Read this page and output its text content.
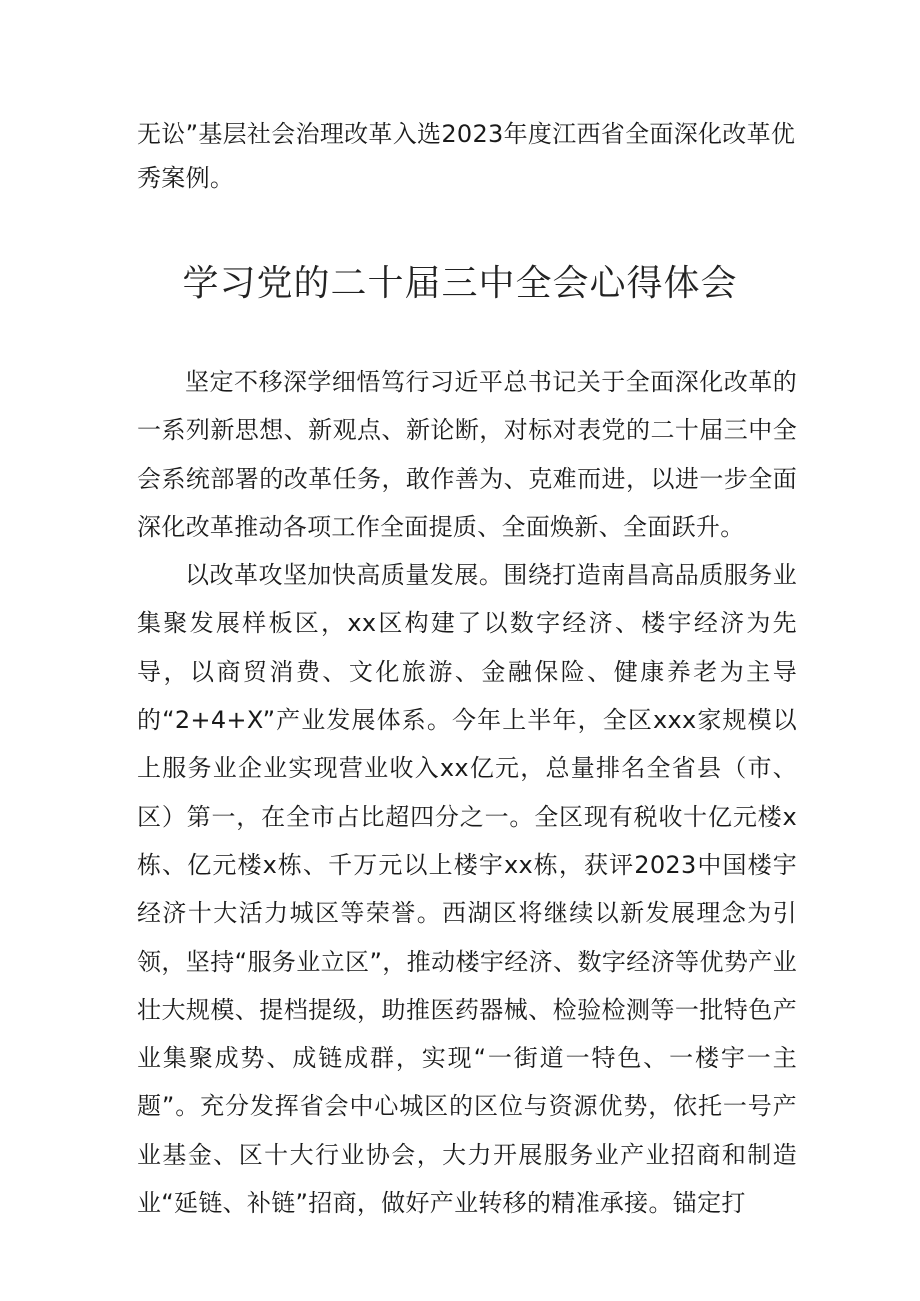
无讼”基层社会治理改革入选2023年度江西省全面深化改革优秀案例。
学习党的二十届三中全会心得体会

坚定不移深学细悟笃行习近平总书记关于全面深化改革的一系列新思想、新观点、新论断，对标对表党的二十届三中全会系统部署的改革任务，敢作善为、克难而进，以进一步全面深化改革推动各项工作全面提质、全面焕新、全面跃升。

以改革攻坚加快高质量发展。围绕打造南昌高品质服务业集聚发展样板区，xx区构建了以数字经济、楼宇经济为先导，以商贸消费、文化旅游、金融保险、健康养老为主导的“2+4+X”产业发展体系。今年上半年，全区xxx家规模以上服务业企业实现营业收入xx亿元，总量排名全省县（市、区）第一，在全市占比超四分之一。全区现有税收十亿元楼x栋、亿元楼x栋、千万元以上楼宇xx栋，获评2023中国楼宇经济十大活力城区等荣誉。西湖区将继续以新发展理念为引领，坚持“服务业立区”，推动楼宇经济、数字经济等优势产业壮大规模、提档提级，助推医药器械、检验检测等一批特色产业集聚成势、成链成群，实现“一街道一特色、一楼宇一主题”。充分发挥省会中心城区的区位与资源优势，依托一号产业基金、区十大行业协会，大力开展服务业产业招商和制造业“延链、补链”招商，做好产业转移的精准承接。锚定打
